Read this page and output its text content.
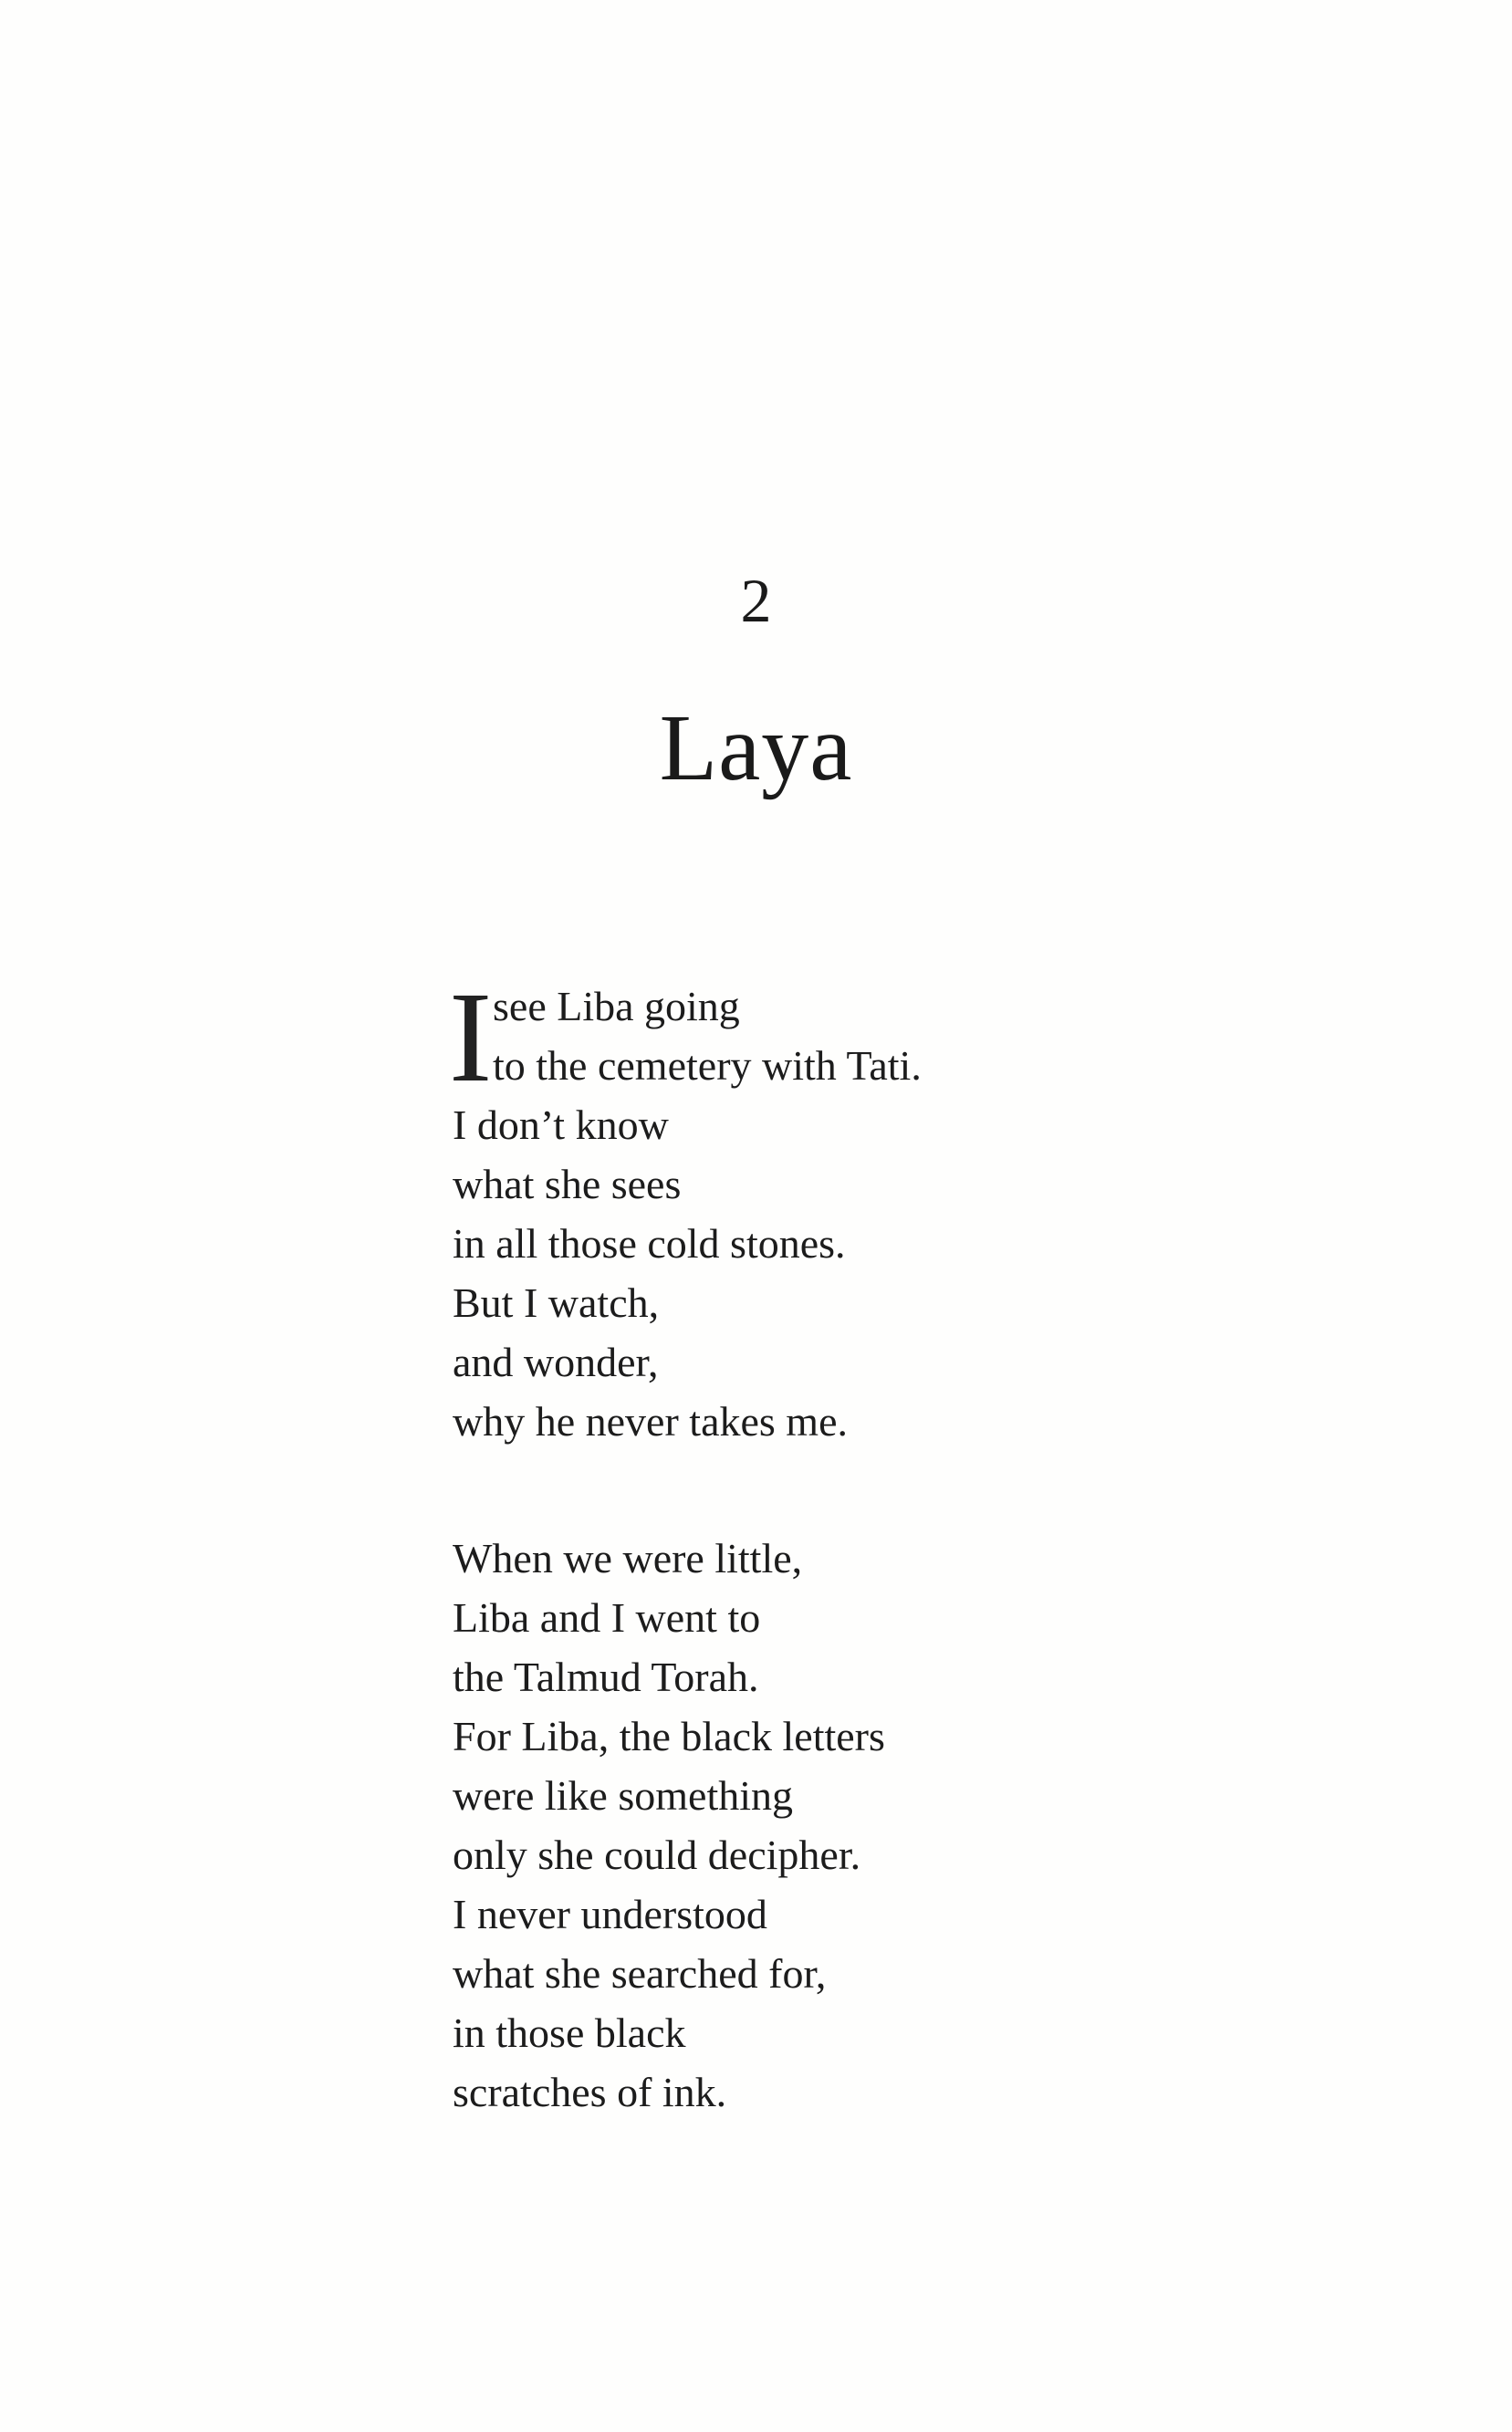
2
Laya
I see Liba going
to the cemetery with Tati.
I don’t know
what she sees
in all those cold stones.
But I watch,
and wonder,
why he never takes me.
When we were little,
Liba and I went to
the Talmud Torah.
For Liba, the black letters
were like something
only she could decipher.
I never understood
what she searched for,
in those black
scratches of ink.
